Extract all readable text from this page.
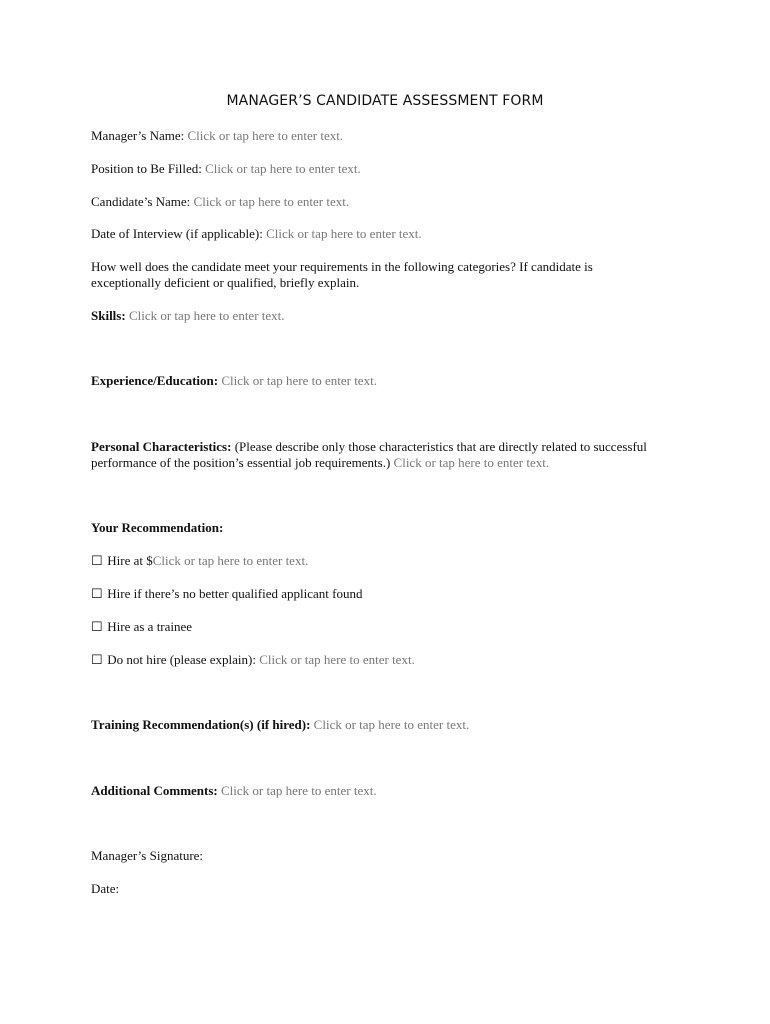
MANAGER’S CANDIDATE ASSESSMENT FORM
Manager’s Name: Click or tap here to enter text.
Position to Be Filled: Click or tap here to enter text.
Candidate’s Name: Click or tap here to enter text.
Date of Interview (if applicable): Click or tap here to enter text.
How well does the candidate meet your requirements in the following categories? If candidate is exceptionally deficient or qualified, briefly explain.
Skills: Click or tap here to enter text.
Experience/Education: Click or tap here to enter text.
Personal Characteristics: (Please describe only those characteristics that are directly related to successful performance of the position’s essential job requirements.) Click or tap here to enter text.
Your Recommendation:
☐ Hire at $Click or tap here to enter text.
☐ Hire if there’s no better qualified applicant found
☐ Hire as a trainee
☐ Do not hire (please explain): Click or tap here to enter text.
Training Recommendation(s) (if hired): Click or tap here to enter text.
Additional Comments: Click or tap here to enter text.
Manager’s Signature:
Date:
